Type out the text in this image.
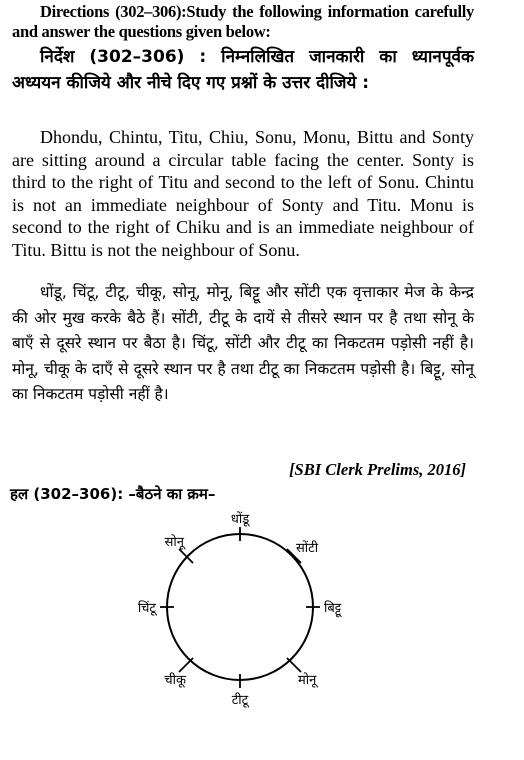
Directions (302–306):Study the following information carefully and answer the questions given below:
निर्देश (302–306) : निम्नलिखित जानकारी का ध्यानपूर्वक अध्ययन कीजिये और नीचे दिए गए प्रश्नों के उत्तर दीजिये :
Dhondu, Chintu, Titu, Chiu, Sonu, Monu, Bittu and Sonty are sitting around a circular table facing the center. Sonty is third to the right of Titu and second to the left of Sonu. Chintu is not an immediate neighbour of Sonty and Titu. Monu is second to the right of Chiku and is an immediate neighbour of Titu. Bittu is not the neighbour of Sonu.
धोंडू, चिंटू, टीटू, चीकू, सोनू, मोनू, बिट्टू और सोंटी एक वृत्ताकार मेज के केन्द्र की ओर मुख करके बैठे हैं। सोंटी, टीटू के दायें से तीसरे स्थान पर है तथा सोनू के बाएँ से दूसरे स्थान पर बैठा है। चिंटू, सोंटी और टीटू का निकटतम पड़ोसी नहीं है। मोनू, चीकू के दाएँ से दूसरे स्थान पर है तथा टीटू का निकटतम पड़ोसी है। बिट्टू, सोनू का निकटतम पड़ोसी नहीं है।
[SBI Clerk Prelims, 2016]
हल (302–306): –बैठने का क्रम–
धोंडू
सोंटी
बिट्टू
मोनू
टीटू
चीकू
चिंटू
सोनू
